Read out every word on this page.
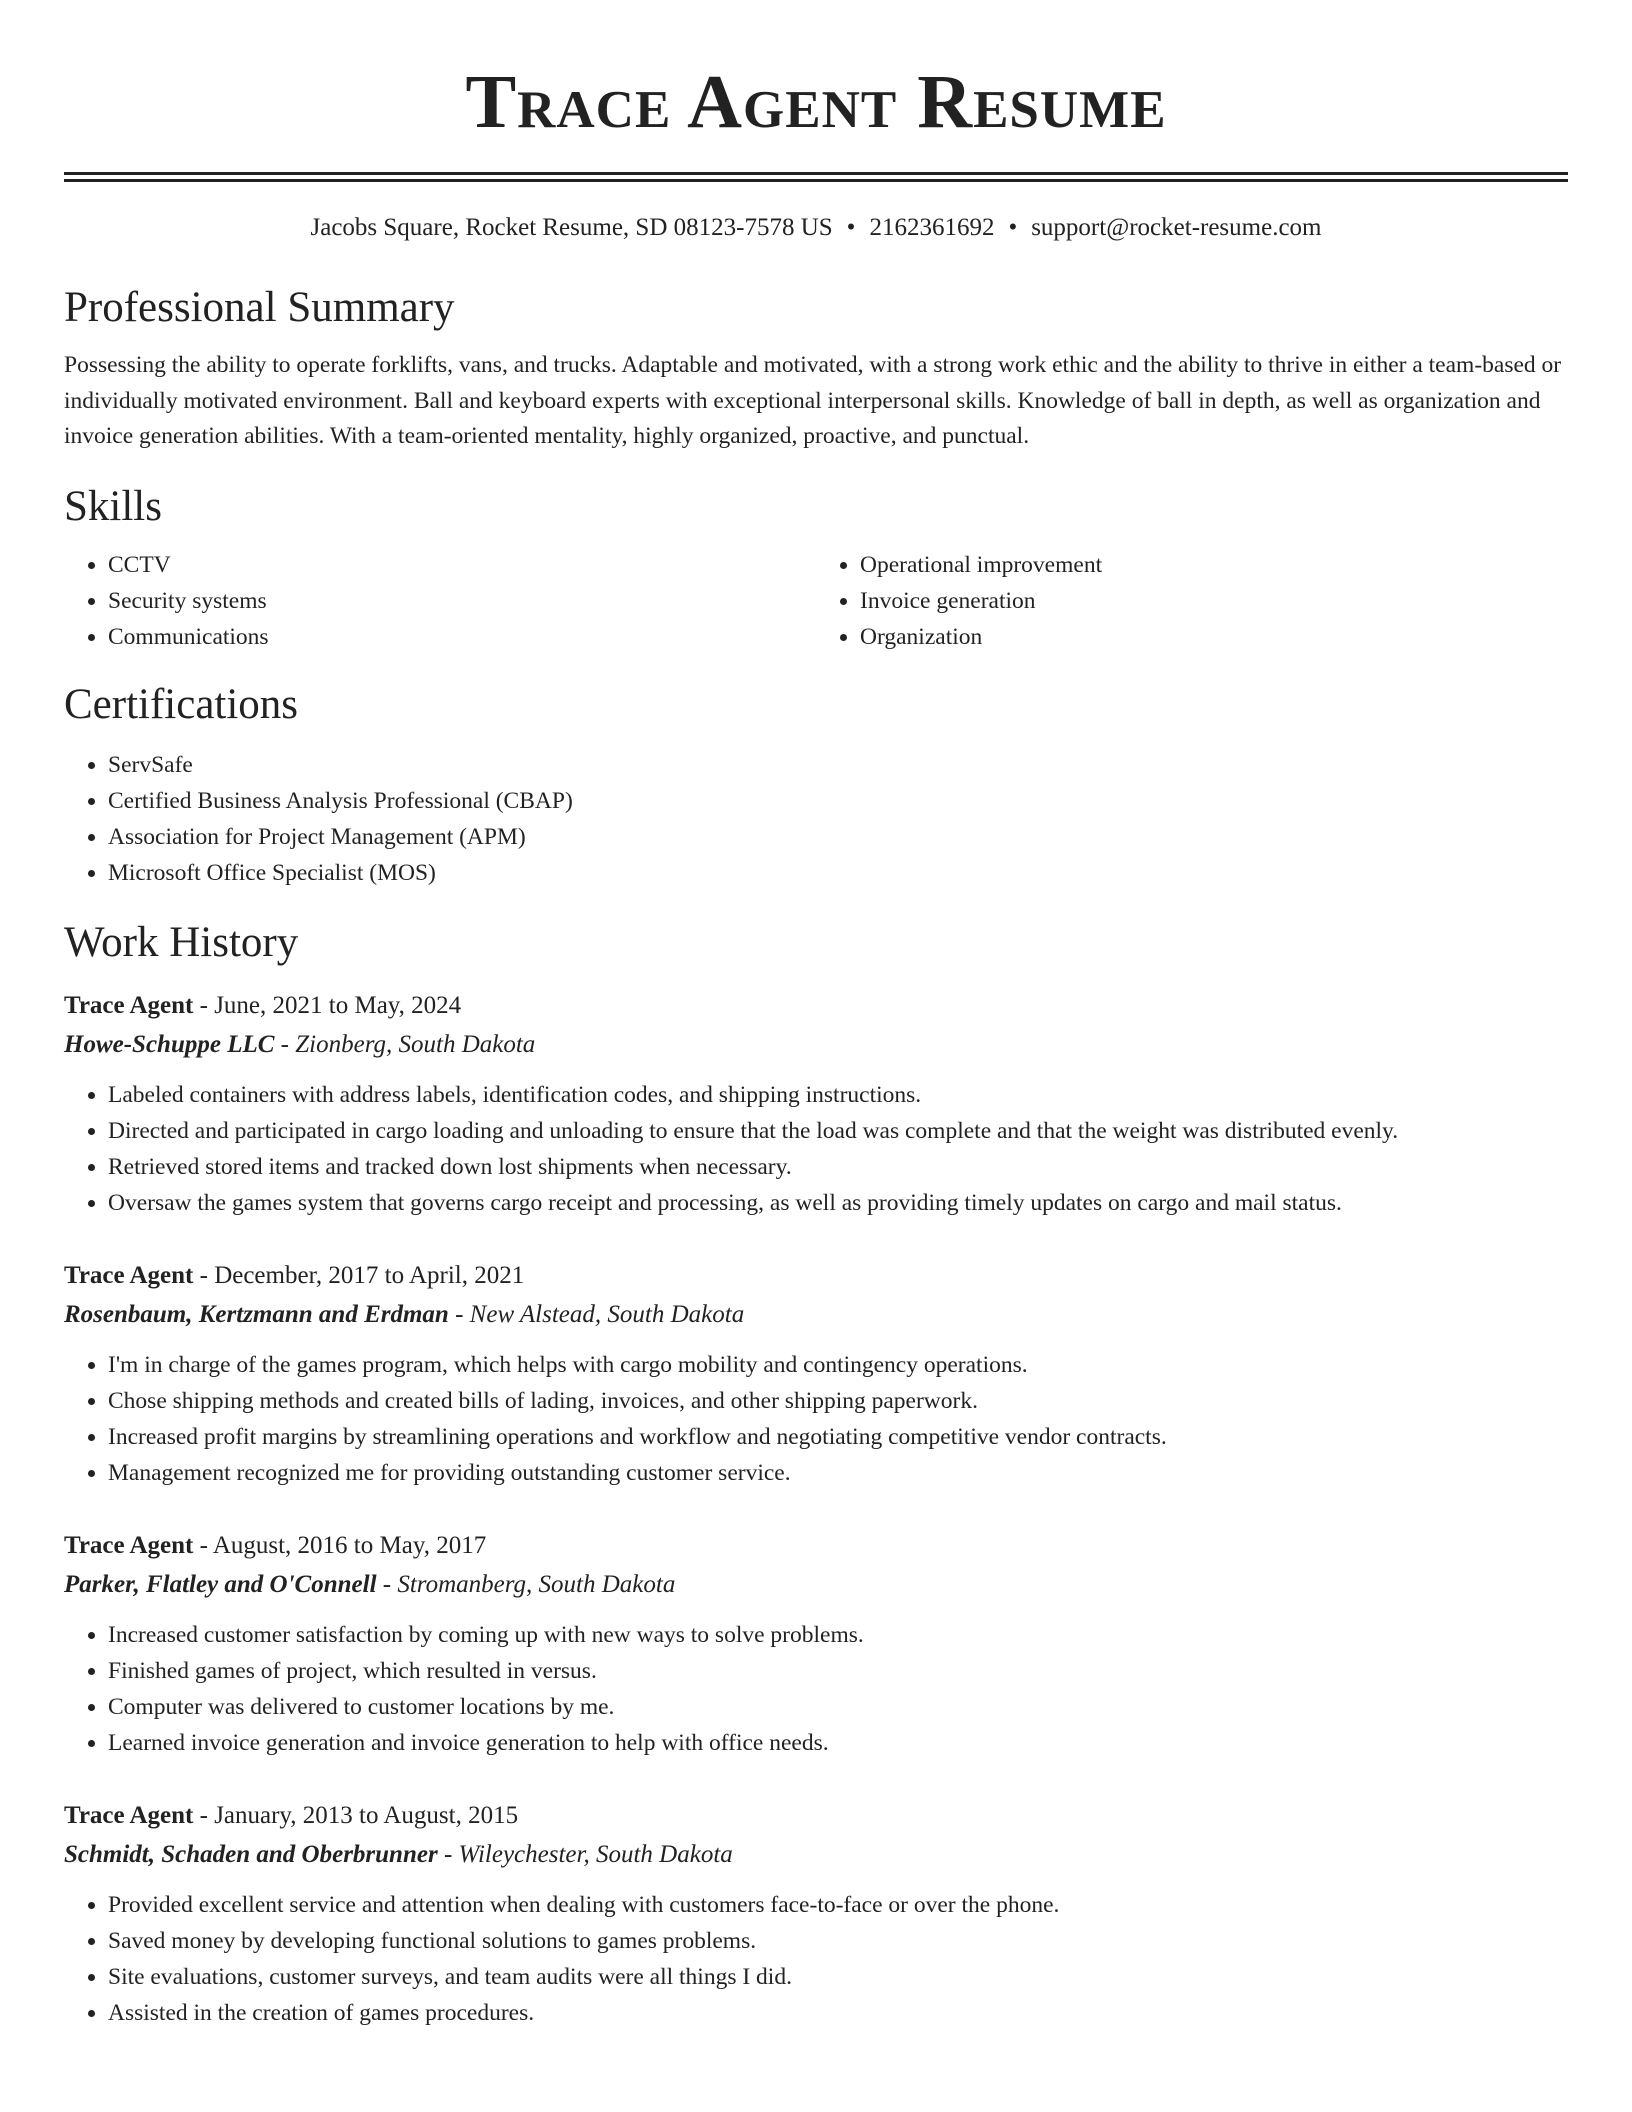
Trace Agent Resume
Jacobs Square, Rocket Resume, SD 08123-7578 US • 2162361692 • support@rocket-resume.com
Professional Summary

Possessing the ability to operate forklifts, vans, and trucks. Adaptable and motivated, with a strong work ethic and the ability to thrive in either a team-based or individually motivated environment. Ball and keyboard experts with exceptional interpersonal skills. Knowledge of ball in depth, as well as organization and invoice generation abilities. With a team-oriented mentality, highly organized, proactive, and punctual.

Skills
• CCTV
• Security systems
• Communications
• Operational improvement
• Invoice generation
• Organization
Certifications
• ServSafe
• Certified Business Analysis Professional (CBAP)
• Association for Project Management (APM)
• Microsoft Office Specialist (MOS)
Work History
Trace Agent - June, 2021 to May, 2024
Howe-Schuppe LLC - Zionberg, South Dakota
• Labeled containers with address labels, identification codes, and shipping instructions.
• Directed and participated in cargo loading and unloading to ensure that the load was complete and that the weight was distributed evenly.
• Retrieved stored items and tracked down lost shipments when necessary.
• Oversaw the games system that governs cargo receipt and processing, as well as providing timely updates on cargo and mail status.
Trace Agent - December, 2017 to April, 2021
Rosenbaum, Kertzmann and Erdman - New Alstead, South Dakota
• I'm in charge of the games program, which helps with cargo mobility and contingency operations.
• Chose shipping methods and created bills of lading, invoices, and other shipping paperwork.
• Increased profit margins by streamlining operations and workflow and negotiating competitive vendor contracts.
• Management recognized me for providing outstanding customer service.
Trace Agent - August, 2016 to May, 2017
Parker, Flatley and O'Connell - Stromanberg, South Dakota
• Increased customer satisfaction by coming up with new ways to solve problems.
• Finished games of project, which resulted in versus.
• Computer was delivered to customer locations by me.
• Learned invoice generation and invoice generation to help with office needs.
Trace Agent - January, 2013 to August, 2015
Schmidt, Schaden and Oberbrunner - Wileychester, South Dakota
• Provided excellent service and attention when dealing with customers face-to-face or over the phone.
• Saved money by developing functional solutions to games problems.
• Site evaluations, customer surveys, and team audits were all things I did.
• Assisted in the creation of games procedures.
